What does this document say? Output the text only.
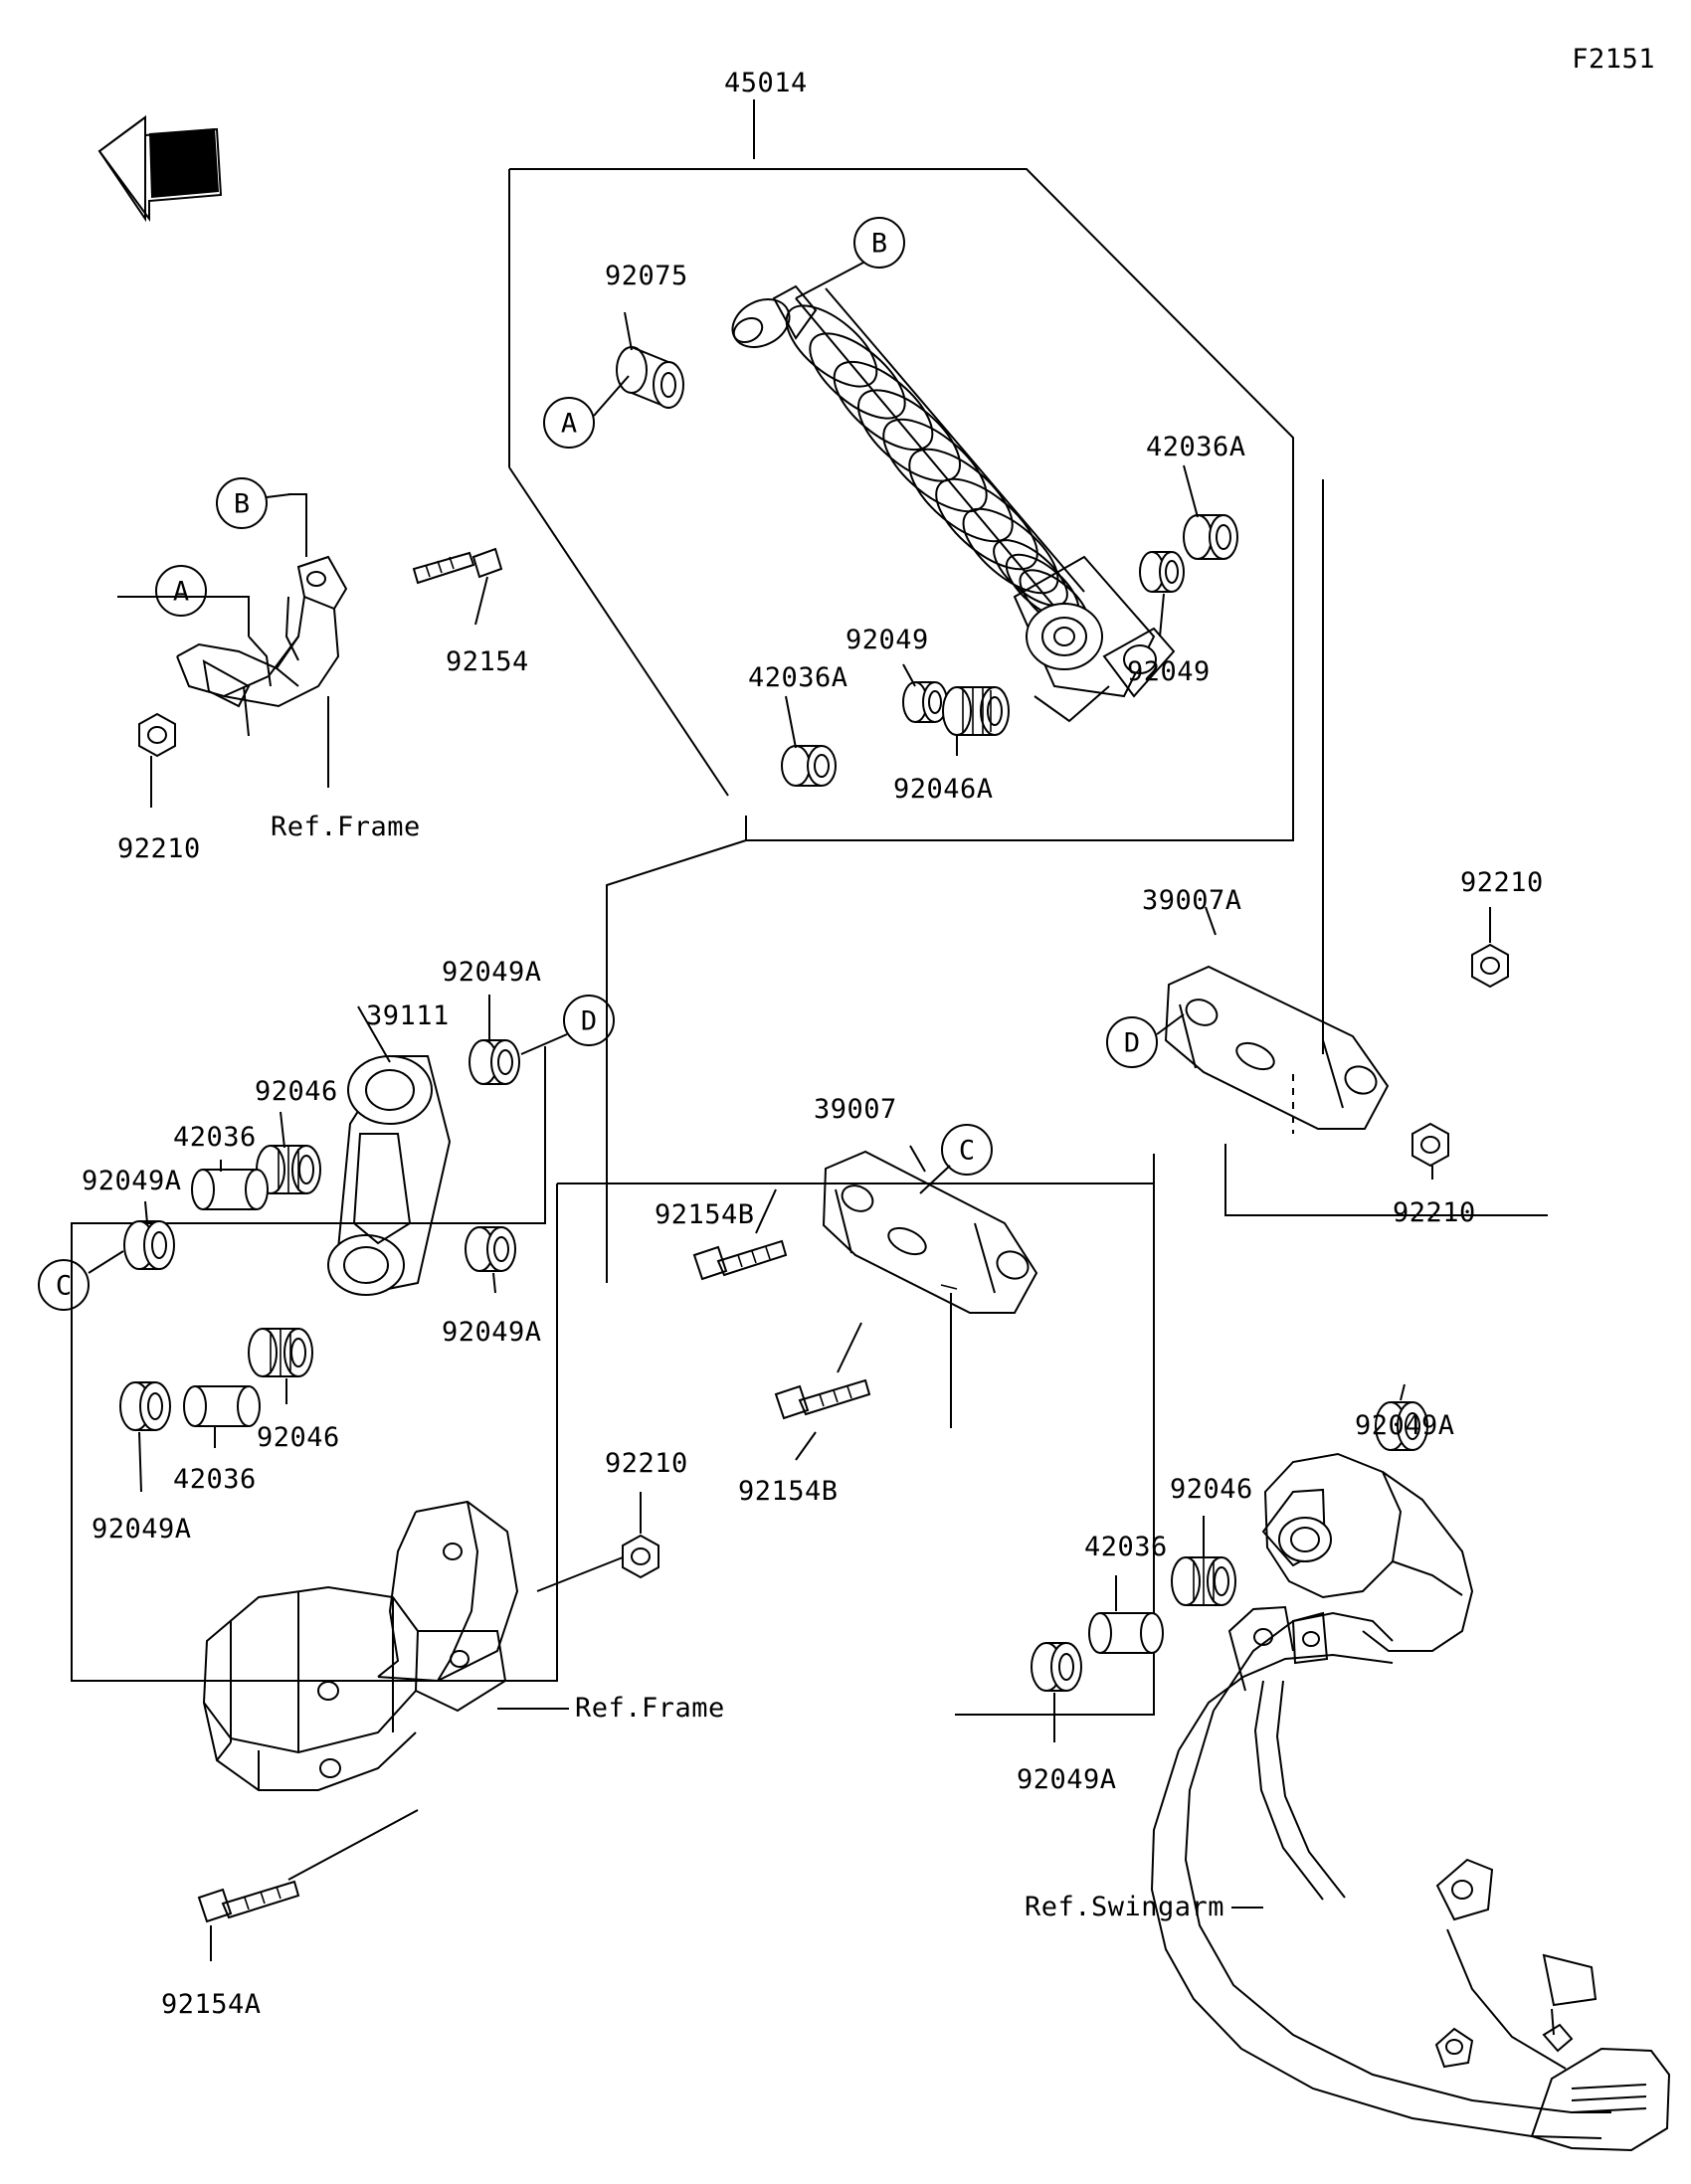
A
B
A
B
C
D
C
D
F2151
45014
92075
42036A
92049
92049
42036A
92046A
92154
92210
Ref.Frame
39007A
92210
92210
92049A
39111
92046
42036
92049A
92049A
92046
42036
92049A
39007
92154B
92154B
92210
92049A
92046
42036
92049A
Ref.Frame
Ref.Swingarm
92154A
